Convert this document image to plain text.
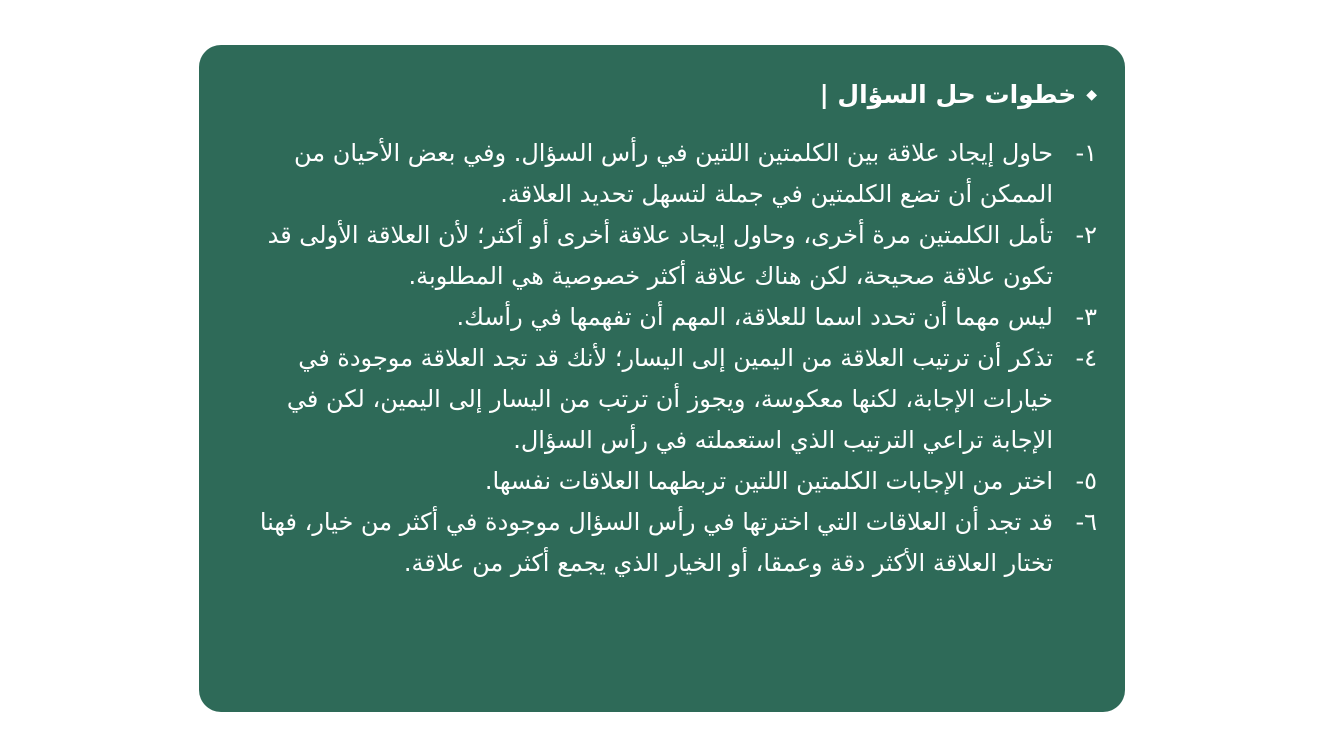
◆
خطوات حل السؤال |
١-
حاول إيجاد علاقة بين الكلمتين اللتين في رأس السؤال. وفي بعض الأحيان من الممكن أن تضع الكلمتين في جملة لتسهل تحديد العلاقة.
٢-
تأمل الكلمتين مرة أخرى، وحاول إيجاد علاقة أخرى أو أكثر؛ لأن العلاقة الأولى قد تكون علاقة صحيحة، لكن هناك علاقة أكثر خصوصية هي المطلوبة.
٣-
ليس مهما أن تحدد اسما للعلاقة، المهم أن تفهمها في رأسك.
٤-
تذكر أن ترتيب العلاقة من اليمين إلى اليسار؛ لأنك قد تجد العلاقة موجودة في خيارات الإجابة، لكنها معكوسة، ويجوز أن ترتب من اليسار إلى اليمين، لكن في الإجابة تراعي الترتيب الذي استعملته في رأس السؤال.
٥-
اختر من الإجابات الكلمتين اللتين تربطهما العلاقات نفسها.
٦-
قد تجد أن العلاقات التي اخترتها في رأس السؤال موجودة في أكثر من خيار، فهنا تختار العلاقة الأكثر دقة وعمقا، أو الخيار الذي يجمع أكثر من علاقة.
